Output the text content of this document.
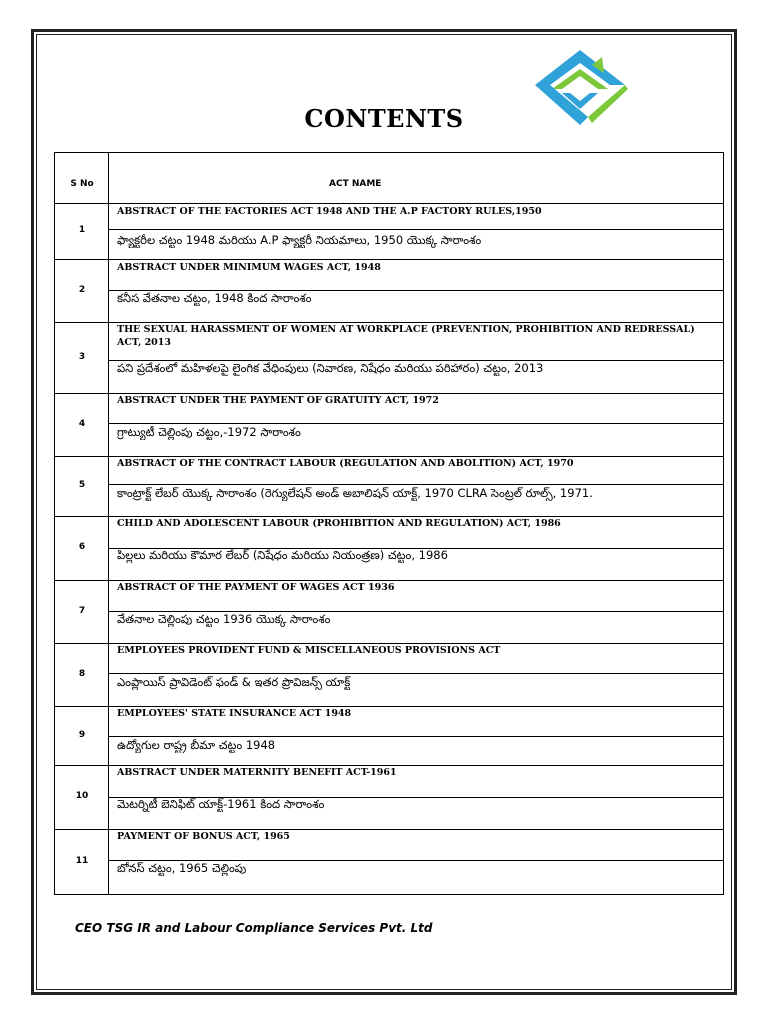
CONTENTS
S No	ACT NAME
1
ABSTRACT OF THE FACTORIES ACT 1948 AND THE A.P FACTORY RULES,1950
ఫ్యాక్టరీల చట్టం 1948 మరియు A.P ఫ్యాక్టరీ నియమాలు, 1950 యొక్క సారాంశం
2
ABSTRACT UNDER MINIMUM WAGES ACT, 1948
కనీస వేతనాల చట్టం, 1948 కింద సారాంశం
3
THE SEXUAL HARASSMENT OF WOMEN AT WORKPLACE (PREVENTION, PROHIBITION AND REDRESSAL) ACT, 2013
పని ప్రదేశంలో మహిళలపై లైంగిక వేధింపులు (నివారణ, నిషేధం మరియు పరిహారం) చట్టం, 2013
4
ABSTRACT UNDER THE PAYMENT OF GRATUITY ACT, 1972
గ్రాట్యుటీ చెల్లింపు చట్టం,-1972 సారాంశం
5
ABSTRACT OF THE CONTRACT LABOUR (REGULATION AND ABOLITION) ACT, 1970
కాంట్రాక్ట్ లేబర్ యొక్క సారాంశం (రెగ్యులేషన్ అండ్ అబాలిషన్ యాక్ట్, 1970 CLRA సెంట్రల్ రూల్స్, 1971.
6
CHILD AND ADOLESCENT LABOUR (PROHIBITION AND REGULATION) ACT, 1986
పిల్లలు మరియు కౌమార లేబర్ (నిషేధం మరియు నియంత్రణ) చట్టం, 1986
7
ABSTRACT OF THE PAYMENT OF WAGES ACT 1936
వేతనాల చెల్లింపు చట్టం 1936 యొక్క సారాంశం
8
EMPLOYEES PROVIDENT FUND & MISCELLANEOUS PROVISIONS ACT
ఎంప్లాయిస్ ప్రావిడెంట్ ఫండ్ & ఇతర ప్రొవిజన్స్ యాక్ట్
9
EMPLOYEES' STATE INSURANCE ACT 1948
ఉద్యోగుల రాష్ట్ర బీమా చట్టం 1948
10
ABSTRACT UNDER MATERNITY BENEFIT ACT-1961
మెటర్నిటీ బెనిఫిట్ యాక్ట్-1961 కింద సారాంశం
11
PAYMENT OF BONUS ACT, 1965
బోనస్ చట్టం, 1965 చెల్లింపు
CEO TSG IR and Labour Compliance Services Pvt. Ltd
